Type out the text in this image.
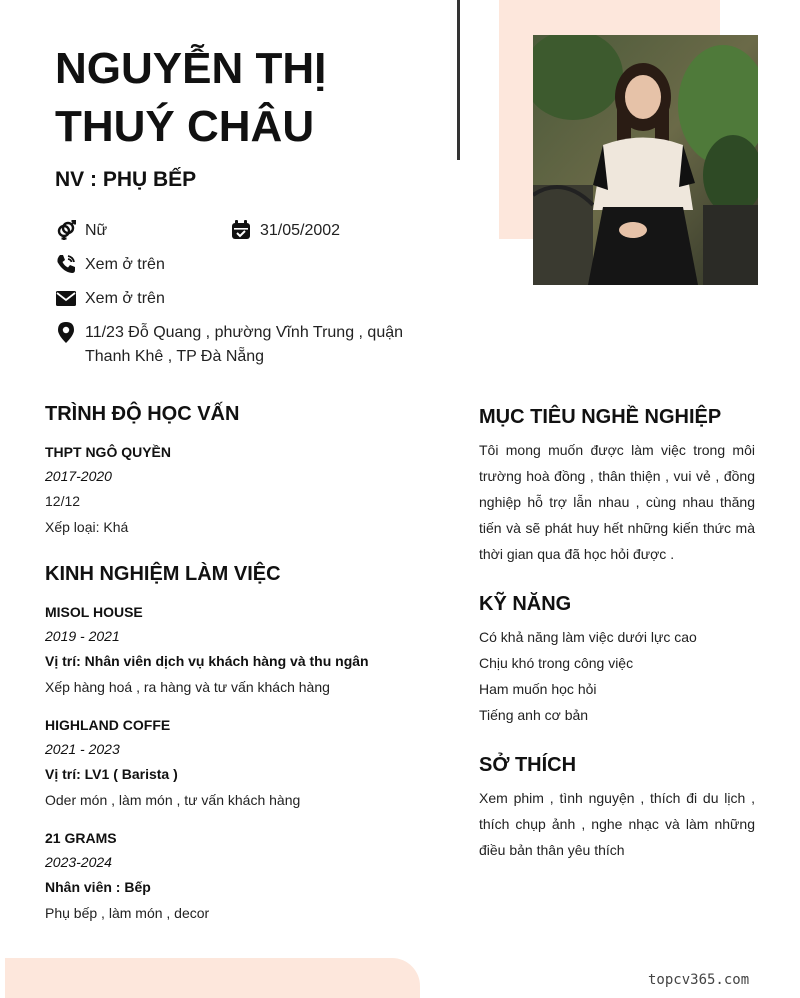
NGUYỄN THỊ THUÝ CHÂU
NV : PHỤ BẾP
Nữ	31/05/2002
Xem ở trên
Xem ở trên
11/23 Đỗ Quang , phường Vĩnh Trung , quận Thanh Khê , TP Đà Nẵng
TRÌNH ĐỘ HỌC VẤN
THPT NGÔ QUYỀN
2017-2020
12/12
Xếp loại: Khá
KINH NGHIỆM LÀM VIỆC
MISOL HOUSE
2019 - 2021
Vị trí: Nhân viên dịch vụ khách hàng và thu ngân
Xếp hàng hoá , ra hàng và tư vấn khách hàng
HIGHLAND COFFE
2021 - 2023
Vị trí: LV1 ( Barista )
Oder món , làm món , tư vấn khách hàng
21 GRAMS
2023-2024
Nhân viên : Bếp
Phụ bếp , làm món , decor
MỤC TIÊU NGHỀ NGHIỆP
Tôi mong muốn được làm việc trong môi trường hoà đồng , thân thiện , vui vẻ , đồng nghiệp hỗ trợ lẫn nhau , cùng nhau thăng tiến và sẽ phát huy hết những kiến thức mà thời gian qua đã học hỏi được .
KỸ NĂNG
Có khả năng làm việc dưới lực cao
Chịu khó trong công việc
Ham muốn học hỏi
Tiếng anh cơ bản
SỞ THÍCH
Xem phim , tình nguyện , thích đi du lịch , thích chụp ảnh , nghe nhạc và làm những điều bản thân yêu thích
topcv365.com
